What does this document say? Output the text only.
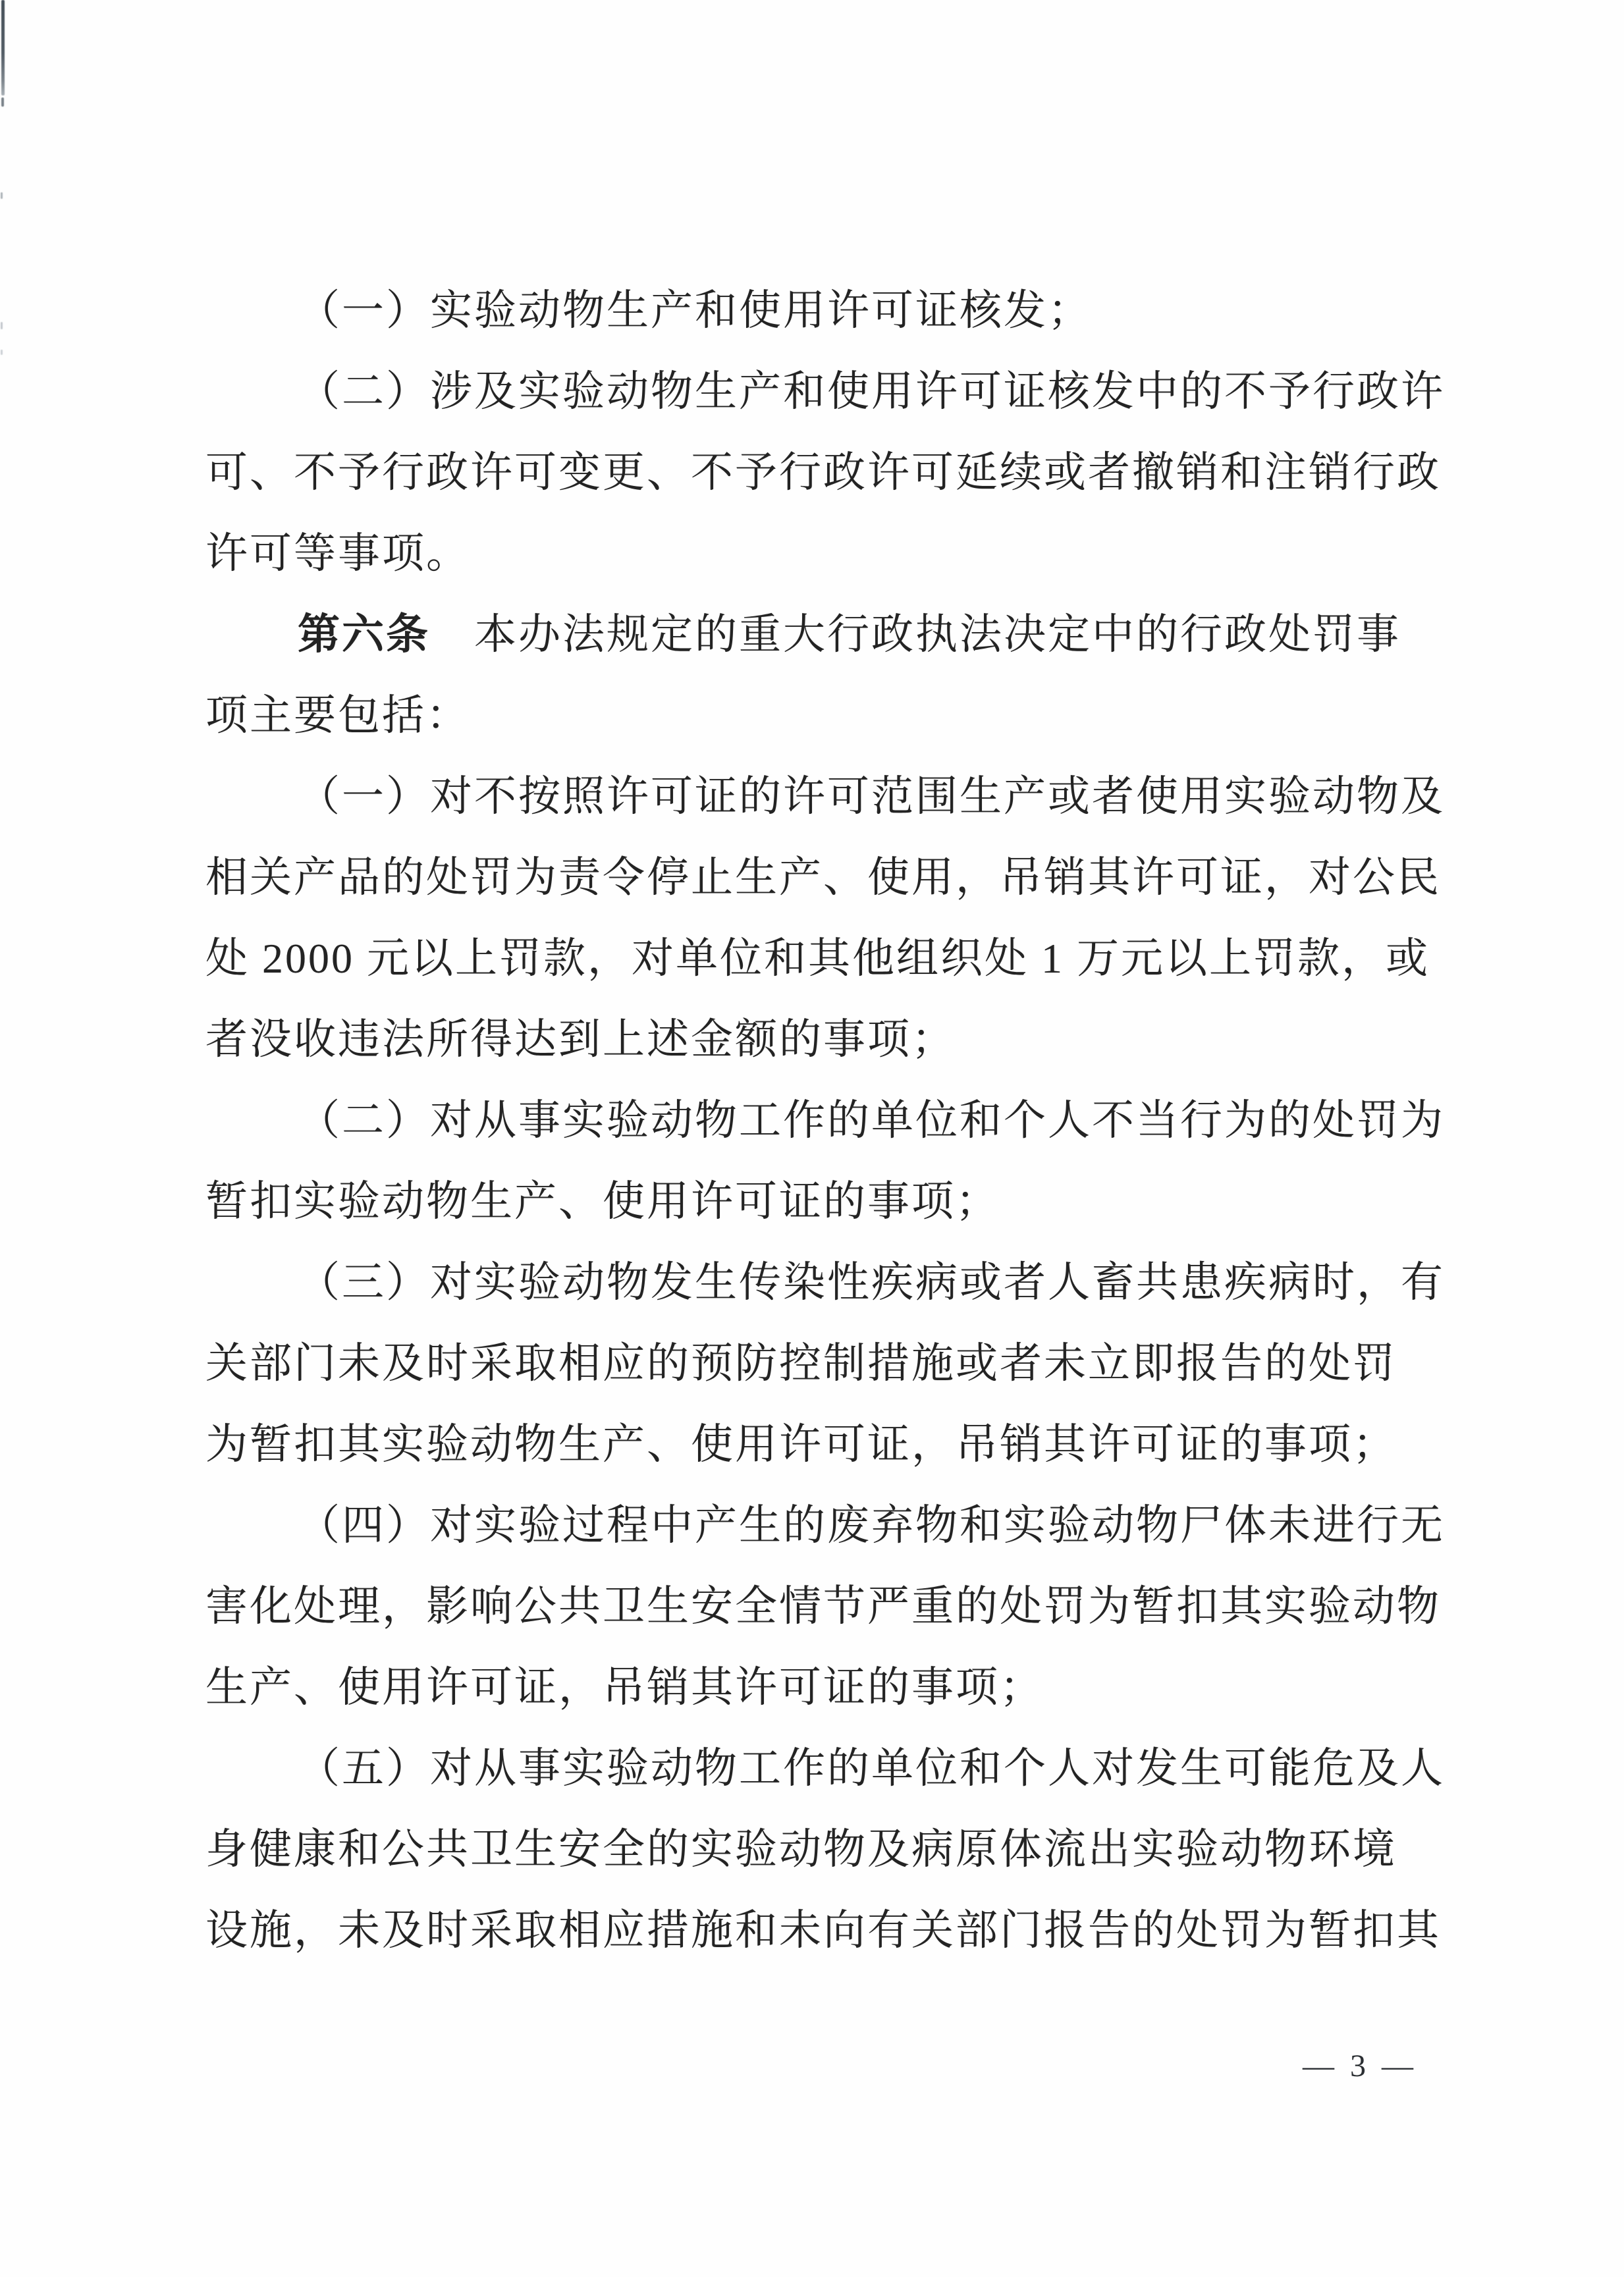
（一）实验动物生产和使用许可证核发；

（二）涉及实验动物生产和使用许可证核发中的不予行政许

可、不予行政许可变更、不予行政许可延续或者撤销和注销行政

许可等事项。

第六条　本办法规定的重大行政执法决定中的行政处罚事

项主要包括：

（一）对不按照许可证的许可范围生产或者使用实验动物及

相关产品的处罚为责令停止生产、使用，吊销其许可证，对公民

处 2000 元以上罚款，对单位和其他组织处 1 万元以上罚款，或

者没收违法所得达到上述金额的事项；

（二）对从事实验动物工作的单位和个人不当行为的处罚为

暂扣实验动物生产、使用许可证的事项；

（三）对实验动物发生传染性疾病或者人畜共患疾病时，有

关部门未及时采取相应的预防控制措施或者未立即报告的处罚

为暂扣其实验动物生产、使用许可证，吊销其许可证的事项；

（四）对实验过程中产生的废弃物和实验动物尸体未进行无

害化处理，影响公共卫生安全情节严重的处罚为暂扣其实验动物

生产、使用许可证，吊销其许可证的事项；

（五）对从事实验动物工作的单位和个人对发生可能危及人

身健康和公共卫生安全的实验动物及病原体流出实验动物环境

设施，未及时采取相应措施和未向有关部门报告的处罚为暂扣其

— 3 —
